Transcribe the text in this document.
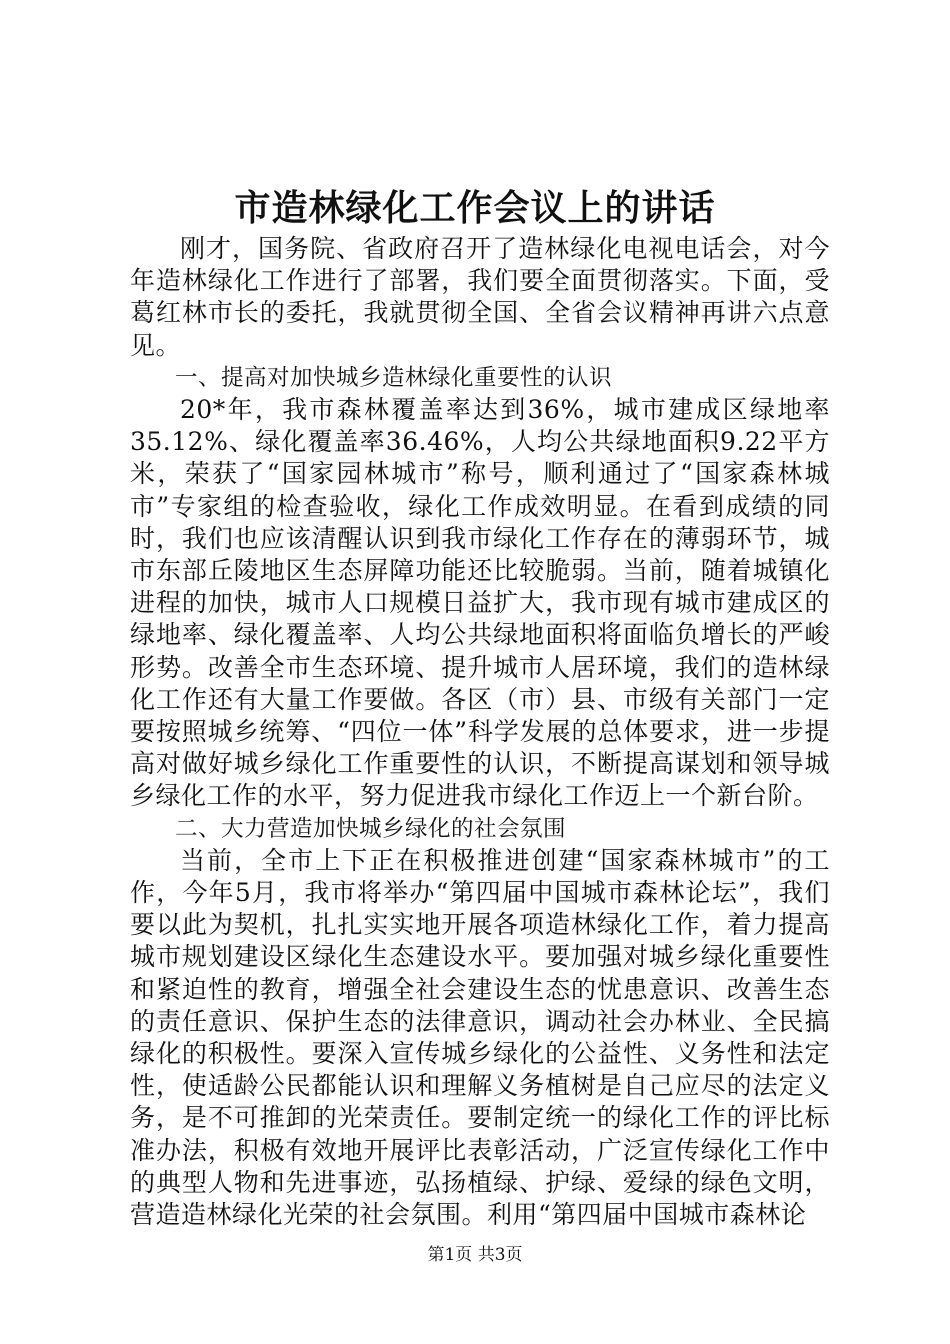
市造林绿化工作会议上的讲话

刚才，国务院、省政府召开了造林绿化电视电话会，对今年造林绿化工作进行了部署，我们要全面贯彻落实。下面，受葛红林市长的委托，我就贯彻全国、全省会议精神再讲六点意见。

一、提高对加快城乡造林绿化重要性的认识

20*年，我市森林覆盖率达到36%，城市建成区绿地率35.12%、绿化覆盖率36.46%，人均公共绿地面积9.22平方米，荣获了“国家园林城市”称号，顺利通过了“国家森林城市”专家组的检查验收，绿化工作成效明显。在看到成绩的同时，我们也应该清醒认识到我市绿化工作存在的薄弱环节，城市东部丘陵地区生态屏障功能还比较脆弱。当前，随着城镇化进程的加快，城市人口规模日益扩大，我市现有城市建成区的绿地率、绿化覆盖率、人均公共绿地面积将面临负增长的严峻形势。改善全市生态环境、提升城市人居环境，我们的造林绿化工作还有大量工作要做。各区（市）县、市级有关部门一定要按照城乡统筹、“四位一体”科学发展的总体要求，进一步提高对做好城乡绿化工作重要性的认识，不断提高谋划和领导城乡绿化工作的水平，努力促进我市绿化工作迈上一个新台阶。

二、大力营造加快城乡绿化的社会氛围

当前，全市上下正在积极推进创建“国家森林城市”的工作，今年5月，我市将举办“第四届中国城市森林论坛”，我们要以此为契机，扎扎实实地开展各项造林绿化工作，着力提高城市规划建设区绿化生态建设水平。要加强对城乡绿化重要性和紧迫性的教育，增强全社会建设生态的忧患意识、改善生态的责任意识、保护生态的法律意识，调动社会办林业、全民搞绿化的积极性。要深入宣传城乡绿化的公益性、义务性和法定性，使适龄公民都能认识和理解义务植树是自己应尽的法定义务，是不可推卸的光荣责任。要制定统一的绿化工作的评比标准办法，积极有效地开展评比表彰活动，广泛宣传绿化工作中的典型人物和先进事迹，弘扬植绿、护绿、爱绿的绿色文明，营造造林绿化光荣的社会氛围。利用“第四届中国城市森林论

第1页 共3页
